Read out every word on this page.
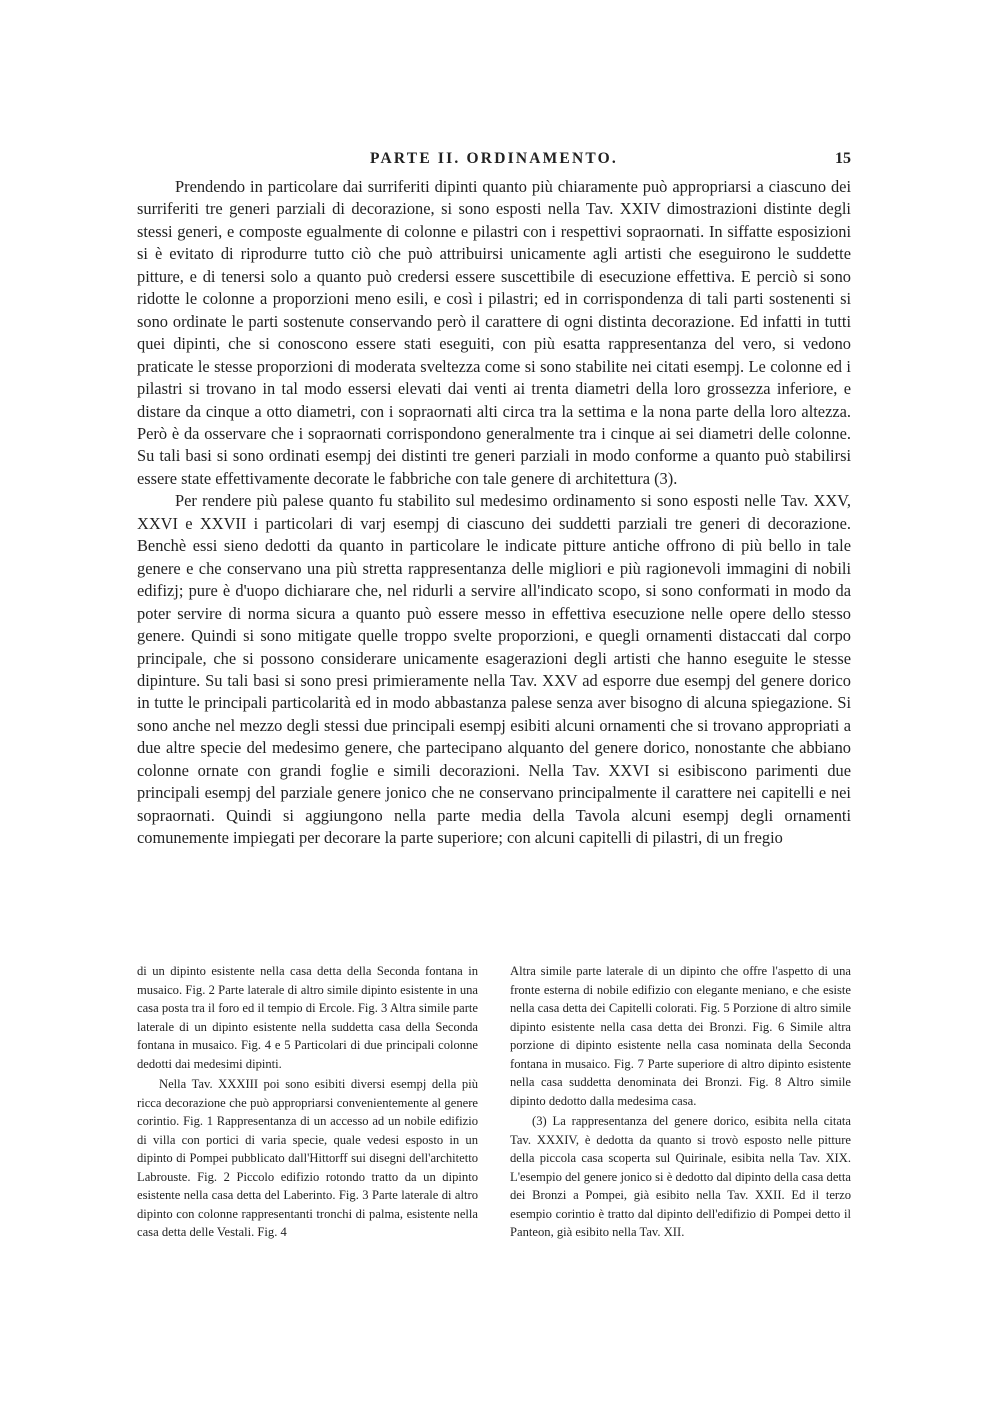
PARTE II. ORDINAMENTO.	15

Prendendo in particolare dai surriferiti dipinti quanto più chiaramente può appropriarsi a ciascuno dei surriferiti tre generi parziali di decorazione, si sono esposti nella Tav. XXIV dimostrazioni distinte degli stessi generi, e composte egualmente di colonne e pilastri con i respettivi sopraornati. In siffatte esposizioni si è evitato di riprodurre tutto ciò che può attribuirsi unicamente agli artisti che eseguirono le suddette pitture, e di tenersi solo a quanto può credersi essere suscettibile di esecuzione effettiva. E perciò si sono ridotte le colonne a proporzioni meno esili, e così i pilastri; ed in corrispondenza di tali parti sostenenti si sono ordinate le parti sostenute conservando però il carattere di ogni distinta decorazione. Ed infatti in tutti quei dipinti, che si conoscono essere stati eseguiti, con più esatta rappresentanza del vero, si vedono praticate le stesse proporzioni di moderata sveltezza come si sono stabilite nei citati esempj. Le colonne ed i pilastri si trovano in tal modo essersi elevati dai venti ai trenta diametri della loro grossezza inferiore, e distare da cinque a otto diametri, con i sopraornati alti circa tra la settima e la nona parte della loro altezza. Però è da osservare che i sopraornati corrispondono generalmente tra i cinque ai sei diametri delle colonne. Su tali basi si sono ordinati esempj dei distinti tre generi parziali in modo conforme a quanto può stabilirsi essere state effettivamente decorate le fabbriche con tale genere di architettura (3).

Per rendere più palese quanto fu stabilito sul medesimo ordinamento si sono esposti nelle Tav. XXV, XXVI e XXVII i particolari di varj esempj di ciascuno dei suddetti parziali tre generi di decorazione. Benchè essi sieno dedotti da quanto in particolare le indicate pitture antiche offrono di più bello in tale genere e che conservano una più stretta rappresentanza delle migliori e più ragionevoli immagini di nobili edifizj; pure è d'uopo dichiarare che, nel ridurli a servire all'indicato scopo, si sono conformati in modo da poter servire di norma sicura a quanto può essere messo in effettiva esecuzione nelle opere dello stesso genere. Quindi si sono mitigate quelle troppo svelte proporzioni, e quegli ornamenti distaccati dal corpo principale, che si possono considerare unicamente esagerazioni degli artisti che hanno eseguite le stesse dipinture. Su tali basi si sono presi primieramente nella Tav. XXV ad esporre due esempj del genere dorico in tutte le principali particolarità ed in modo abbastanza palese senza aver bisogno di alcuna spiegazione. Si sono anche nel mezzo degli stessi due principali esempj esibiti alcuni ornamenti che si trovano appropriati a due altre specie del medesimo genere, che partecipano alquanto del genere dorico, nonostante che abbiano colonne ornate con grandi foglie e simili decorazioni. Nella Tav. XXVI si esibiscono parimenti due principali esempj del parziale genere jonico che ne conservano principalmente il carattere nei capitelli e nei sopraornati. Quindi si aggiungono nella parte media della Tavola alcuni esempj degli ornamenti comunemente impiegati per decorare la parte superiore; con alcuni capitelli di pilastri, di un fregio

di un dipinto esistente nella casa detta della Seconda fontana in musaico. Fig. 2 Parte laterale di altro simile dipinto esistente in una casa posta tra il foro ed il tempio di Ercole. Fig. 3 Altra simile parte laterale di un dipinto esistente nella suddetta casa della Seconda fontana in musaico. Fig. 4 e 5 Particolari di due principali colonne dedotti dai medesimi dipinti.

Nella Tav. XXXIII poi sono esibiti diversi esempj della più ricca decorazione che può appropriarsi convenientemente al genere corintio. Fig. 1 Rappresentanza di un accesso ad un nobile edifizio di villa con portici di varia specie, quale vedesi esposto in un dipinto di Pompei pubblicato dall'Hittorff sui disegni dell'architetto Labrouste. Fig. 2 Piccolo edifizio rotondo tratto da un dipinto esistente nella casa detta del Laberinto. Fig. 3 Parte laterale di altro dipinto con colonne rappresentanti tronchi di palma, esistente nella casa detta delle Vestali. Fig. 4

Altra simile parte laterale di un dipinto che offre l'aspetto di una fronte esterna di nobile edifizio con elegante meniano, e che esiste nella casa detta dei Capitelli colorati. Fig. 5 Porzione di altro simile dipinto esistente nella casa detta dei Bronzi. Fig. 6 Simile altra porzione di dipinto esistente nella casa nominata della Seconda fontana in musaico. Fig. 7 Parte superiore di altro dipinto esistente nella casa suddetta denominata dei Bronzi. Fig. 8 Altro simile dipinto dedotto dalla medesima casa.

(3) La rappresentanza del genere dorico, esibita nella citata Tav. XXXIV, è dedotta da quanto si trovò esposto nelle pitture della piccola casa scoperta sul Quirinale, esibita nella Tav. XIX. L'esempio del genere jonico si è dedotto dal dipinto della casa detta dei Bronzi a Pompei, già esibito nella Tav. XXII. Ed il terzo esempio corintio è tratto dal dipinto dell'edifizio di Pompei detto il Panteon, già esibito nella Tav. XII.
